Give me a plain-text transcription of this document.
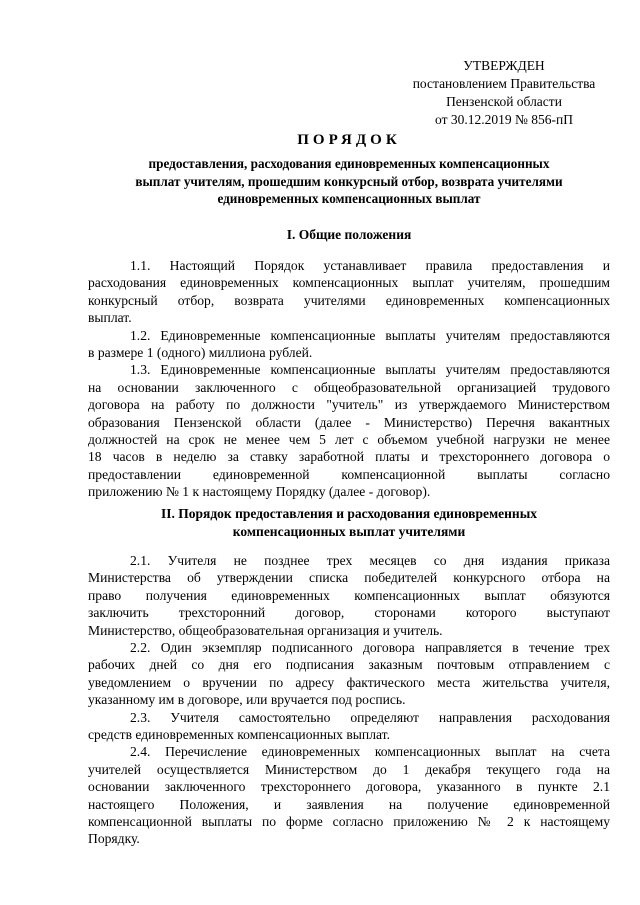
УТВЕРЖДЕН
постановлением Правительства
Пензенской области
от 30.12.2019 № 856-пП
ПОРЯДОК
предоставления, расходования единовременных компенсационных
выплат учителям, прошедшим конкурсный отбор, возврата учителями
единовременных компенсационных выплат
I. Общие положения
1.1. Настоящий Порядок устанавливает правила предоставления и
расходования единовременных компенсационных выплат учителям, прошедшим
конкурсный отбор, возврата учителями единовременных компенсационных
выплат.
1.2. Единовременные компенсационные выплаты учителям предоставляются
в размере 1 (одного) миллиона рублей.
1.3. Единовременные компенсационные выплаты учителям предоставляются
на основании заключенного с общеобразовательной организацией трудового
договора на работу по должности "учитель" из утверждаемого Министерством
образования Пензенской области (далее - Министерство) Перечня вакантных
должностей на срок не менее чем 5 лет с объемом учебной нагрузки не менее
18 часов в неделю за ставку заработной платы и трехстороннего договора о
предоставлении единовременной компенсационной выплаты согласно
приложению № 1 к настоящему Порядку (далее - договор).
II. Порядок предоставления и расходования единовременных
компенсационных выплат учителями
2.1. Учителя не позднее трех месяцев со дня издания приказа
Министерства об утверждении списка победителей конкурсного отбора на
право получения единовременных компенсационных выплат обязуются
заключить трехсторонний договор, сторонами которого выступают
Министерство, общеобразовательная организация и учитель.
2.2. Один экземпляр подписанного договора направляется в течение трех
рабочих дней со дня его подписания заказным почтовым отправлением с
уведомлением о вручении по адресу фактического места жительства учителя,
указанному им в договоре, или вручается под роспись.
2.3. Учителя самостоятельно определяют направления расходования
средств единовременных компенсационных выплат.
2.4. Перечисление единовременных компенсационных выплат на счета
учителей осуществляется Министерством до 1 декабря текущего года на
основании заключенного трехстороннего договора, указанного в пункте 2.1
настоящего Положения, и заявления на получение единовременной
компенсационной выплаты по форме согласно приложению № 2 к настоящему
Порядку.
